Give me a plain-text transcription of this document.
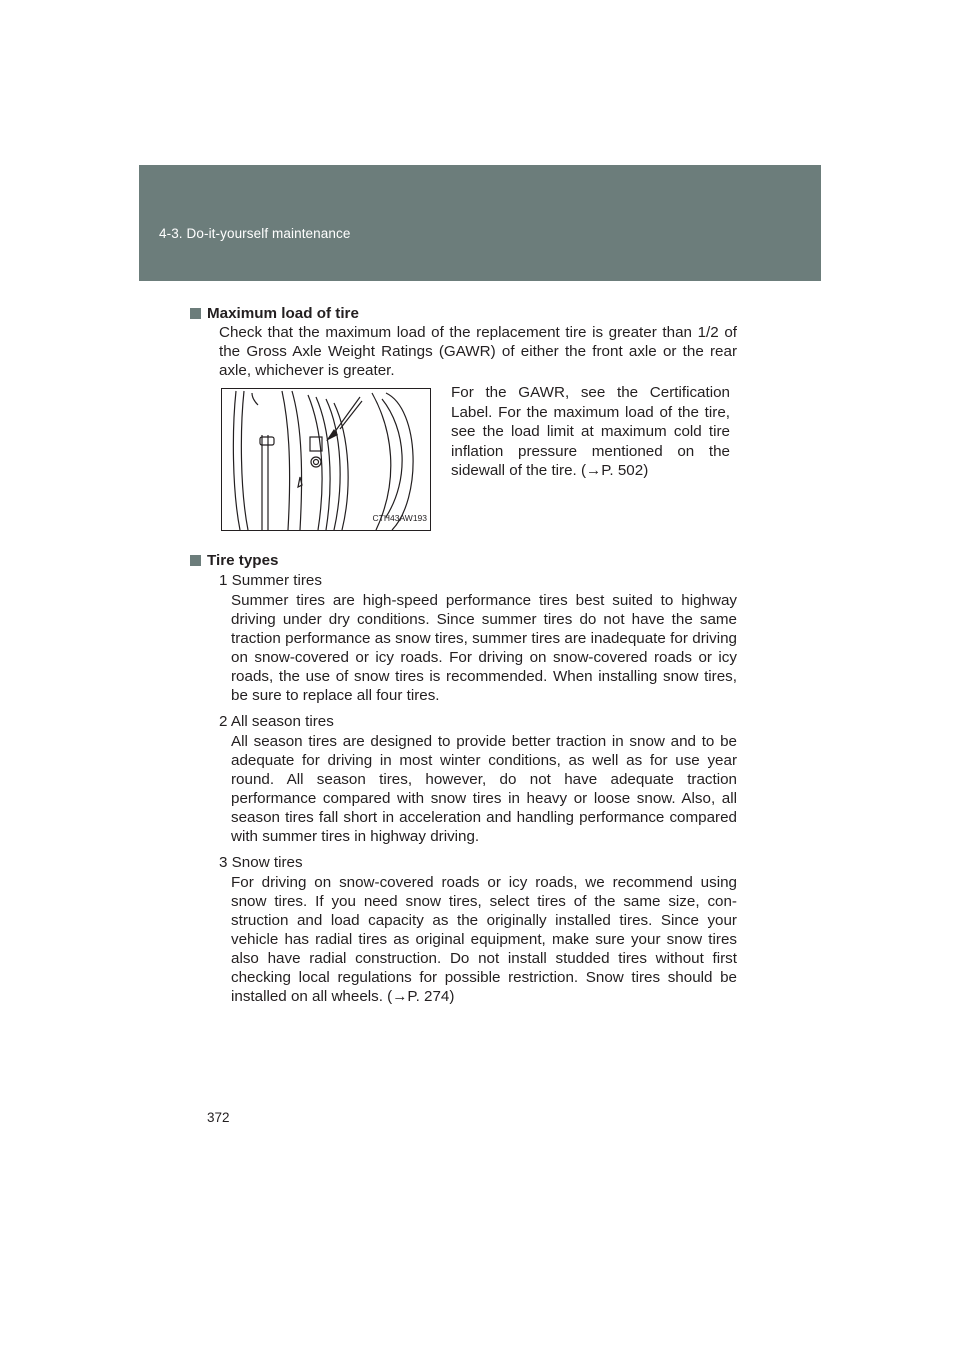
4-3. Do-it-yourself maintenance
Maximum load of tire
Check that the maximum load of the replacement tire is greater than 1/2 of the Gross Axle Weight Ratings (GAWR) of either the front axle or the rear axle, whichever is greater.
CTH43AW193
For the GAWR, see the Certification Label. For the maximum load of the tire, see the load limit at maximum cold tire inflation pressure mentioned on the sidewall of the tire. (→P. 502)
Tire types
1 Summer tires
Summer tires are high-speed performance tires best suited to highway driving under dry conditions. Since summer tires do not have the same traction performance as snow tires, summer tires are inadequate for driving on snow-covered or icy roads. For driving on snow-covered roads or icy roads, the use of snow tires is recommended. When installing snow tires, be sure to replace all four tires.
2 All season tires
All season tires are designed to provide better traction in snow and to be adequate for driving in most winter conditions, as well as for use year round. All season tires, however, do not have adequate traction performance compared with snow tires in heavy or loose snow. Also, all season tires fall short in acceleration and handling performance compared with summer tires in highway driving.
3 Snow tires
For driving on snow-covered roads or icy roads, we recommend using snow tires. If you need snow tires, select tires of the same size, con-struction and load capacity as the originally installed tires. Since your vehicle has radial tires as original equipment, make sure your snow tires also have radial construction. Do not install studded tires without first checking local regulations for possible restriction. Snow tires should be installed on all wheels. (→P. 274)
372
